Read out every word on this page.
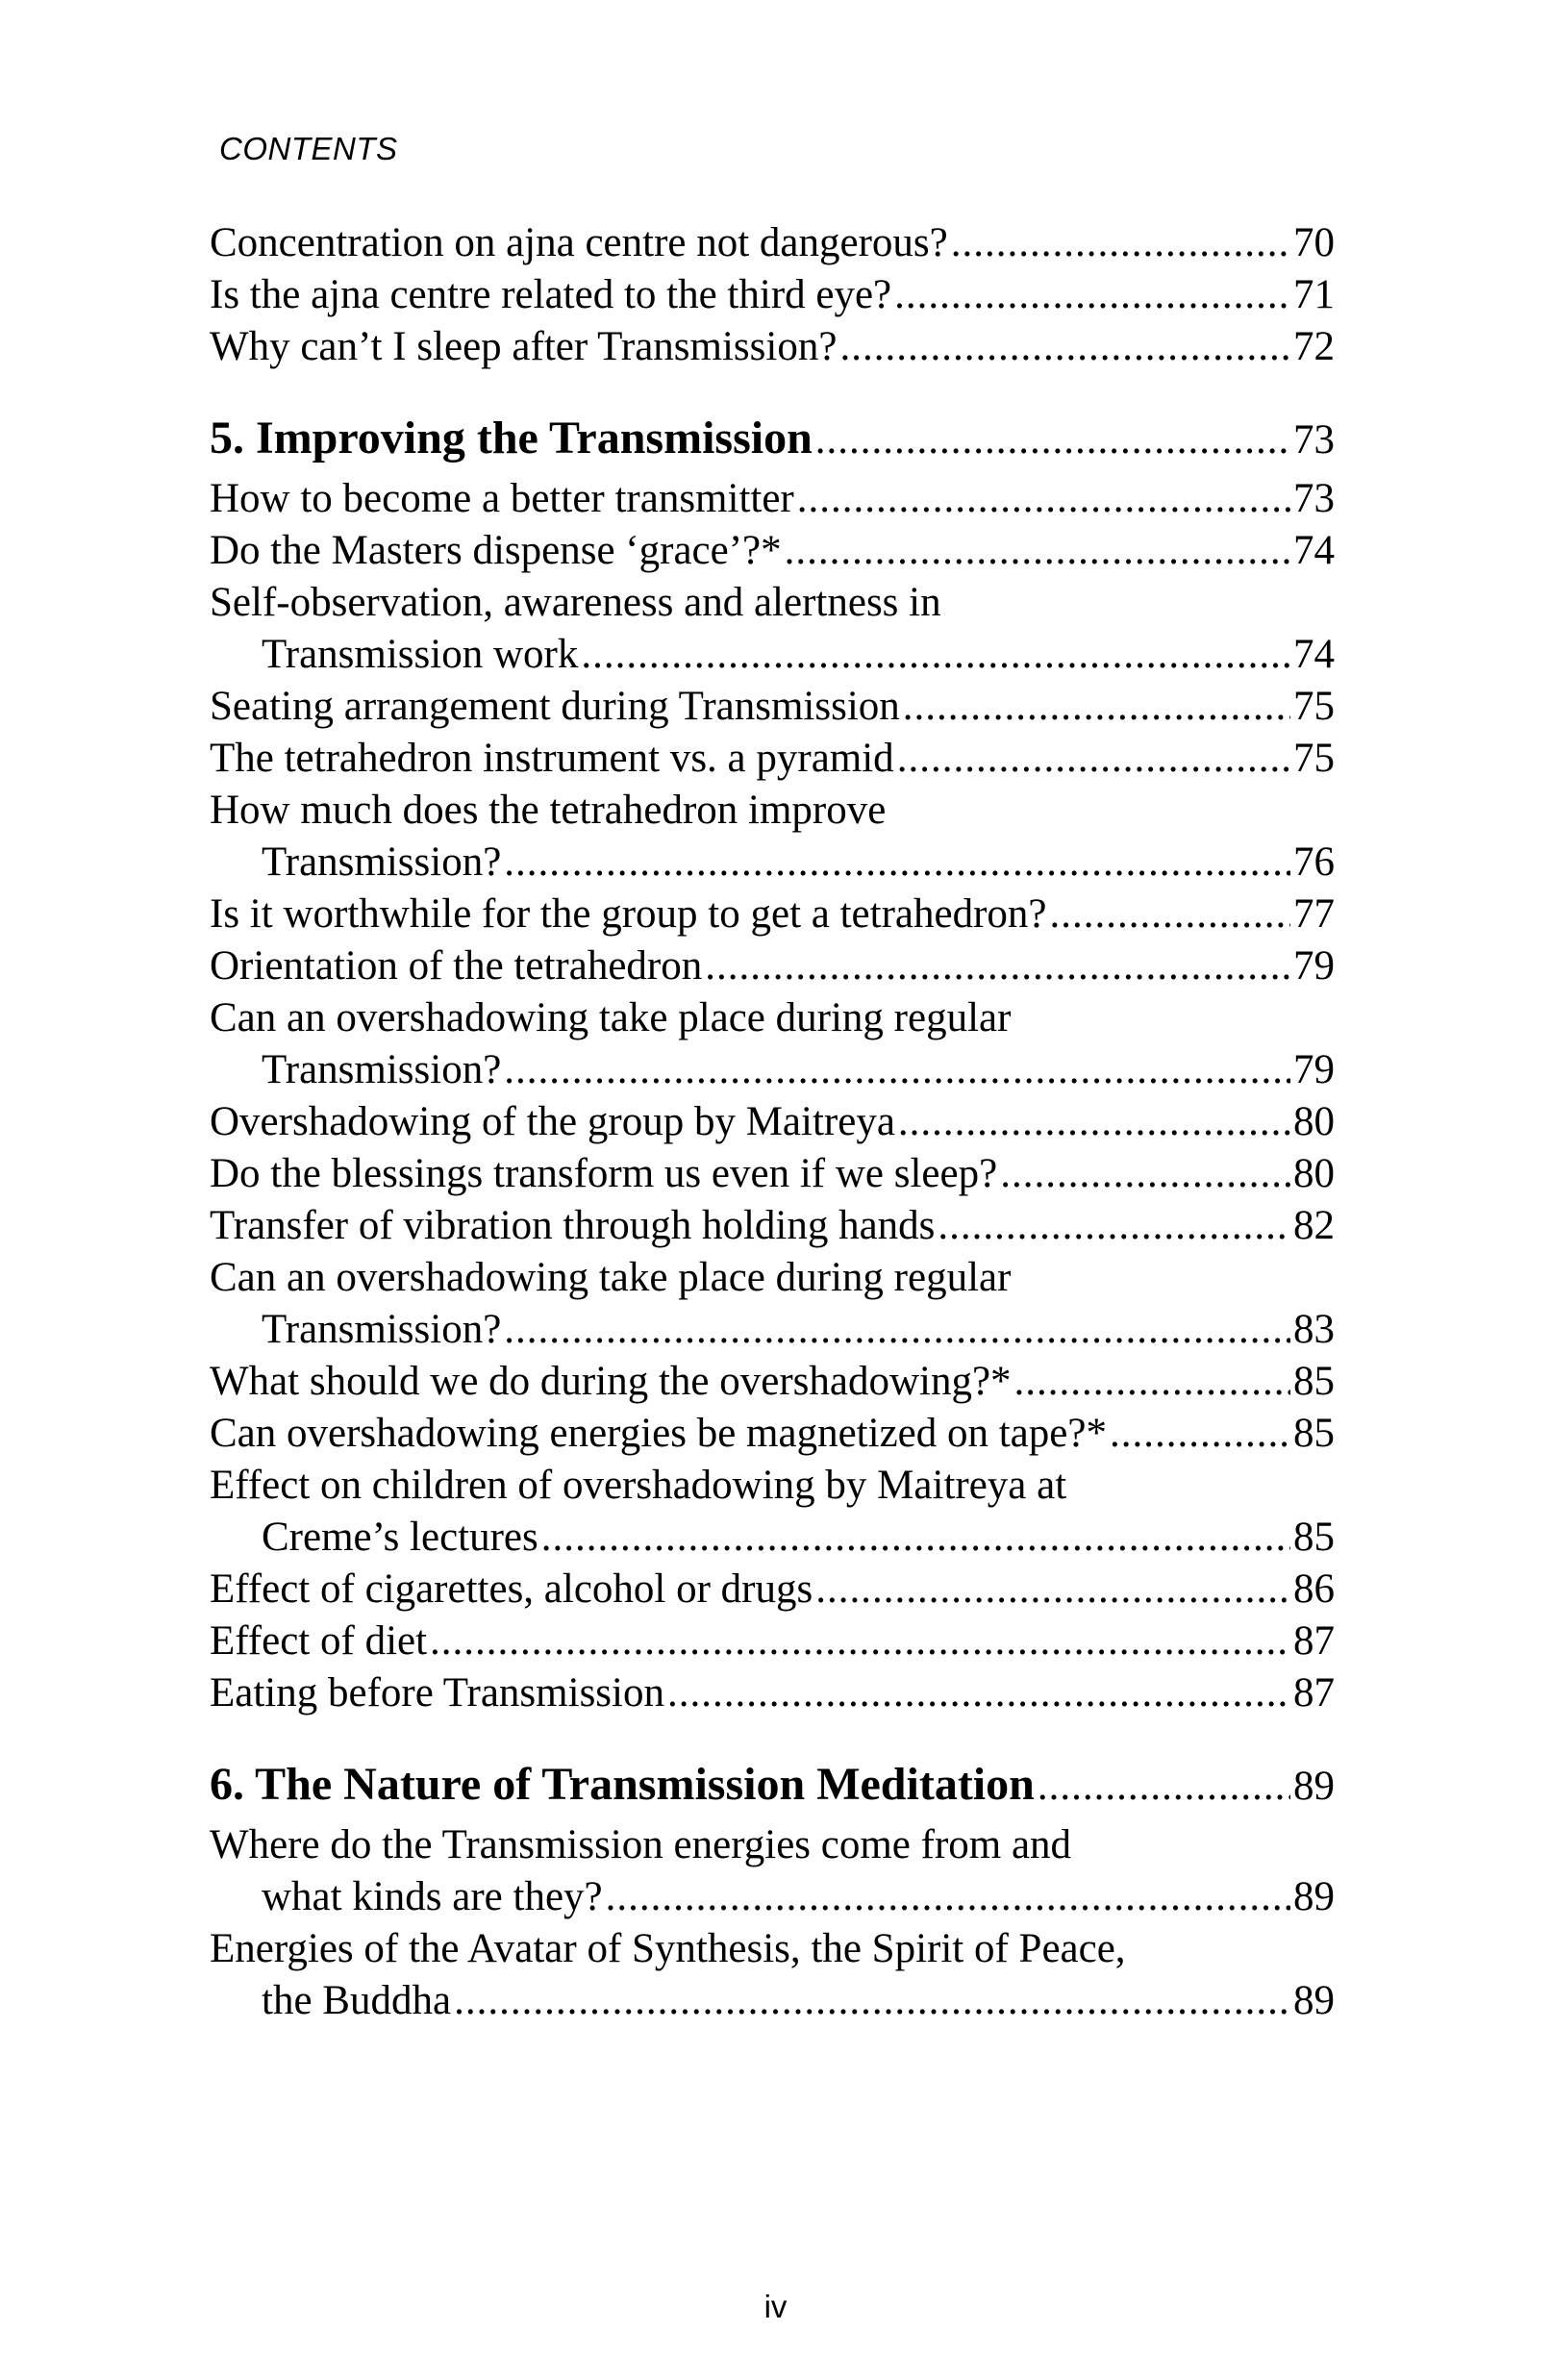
CONTENTS
Concentration on ajna centre not dangerous? .....	70
Is the ajna centre related to the third eye? .....	71
Why can’t I sleep after Transmission? .....	72
5. Improving the Transmission .....	73
How to become a better transmitter .....	73
Do the Masters dispense ‘grace’?* .....	74
Self-observation, awareness and alertness in
Transmission work .....	74
Seating arrangement during Transmission .....	75
The tetrahedron instrument vs. a pyramid .....	75
How much does the tetrahedron improve
Transmission? .....	76
Is it worthwhile for the group to get a tetrahedron? .....	77
Orientation of the tetrahedron .....	79
Can an overshadowing take place during regular
Transmission? .....	79
Overshadowing of the group by Maitreya .....	80
Do the blessings transform us even if we sleep? .....	80
Transfer of vibration through holding hands .....	82
Can an overshadowing take place during regular
Transmission? .....	83
What should we do during the overshadowing?* .....	85
Can overshadowing energies be magnetized on tape?* .....	85
Effect on children of overshadowing by Maitreya at
Creme’s lectures .....	85
Effect of cigarettes, alcohol or drugs .....	86
Effect of diet .....	87
Eating before Transmission .....	87
6. The Nature of Transmission Meditation .....	89
Where do the Transmission energies come from and
what kinds are they? .....	89
Energies of the Avatar of Synthesis, the Spirit of Peace,
the Buddha .....	89
iv
